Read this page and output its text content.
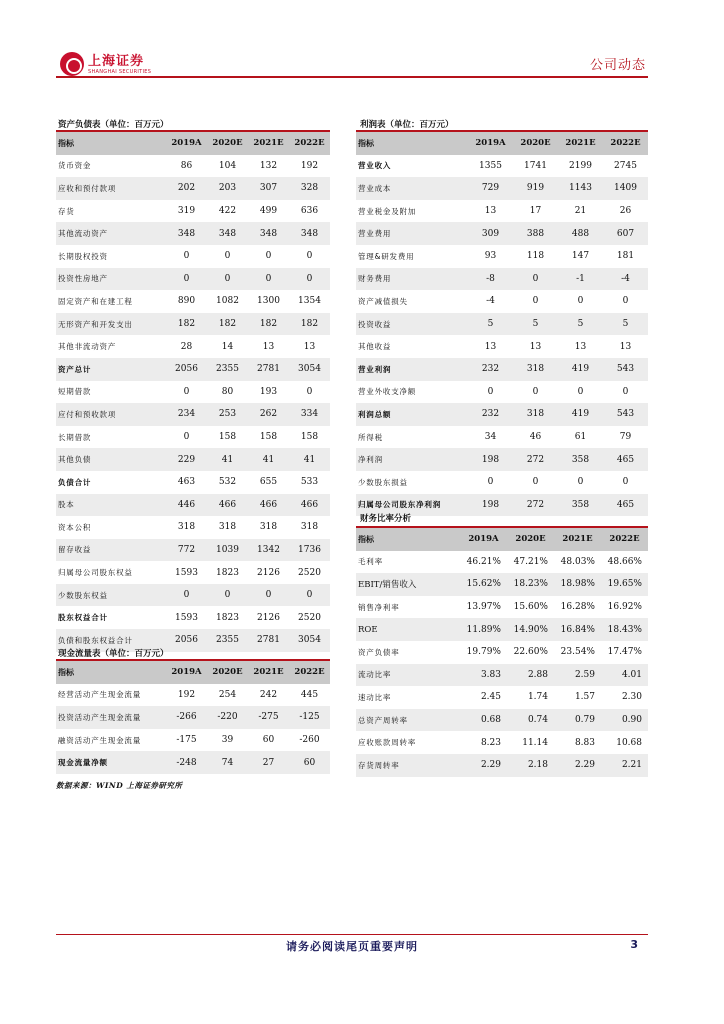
上海证券
SHANGHAI SECURITIES	公司动态
资产负债表（单位：百万元）
指标	2019A	2020E	2021E	2022E
货币资金	86	104	132	192
应收和预付款项	202	203	307	328
存货	319	422	499	636
其他流动资产	348	348	348	348
长期股权投资	0	0	0	0
投资性房地产	0	0	0	0
固定资产和在建工程	890	1082	1300	1354
无形资产和开发支出	182	182	182	182
其他非流动资产	28	14	13	13
资产总计	2056	2355	2781	3054
短期借款	0	80	193	0
应付和预收款项	234	253	262	334
长期借款	0	158	158	158
其他负债	229	41	41	41
负债合计	463	532	655	533
股本	446	466	466	466
资本公积	318	318	318	318
留存收益	772	1039	1342	1736
归属母公司股东权益	1593	1823	2126	2520
少数股东权益	0	0	0	0
股东权益合计	1593	1823	2126	2520
负债和股东权益合计	2056	2355	2781	3054
现金流量表（单位：百万元）
指标	2019A	2020E	2021E	2022E
经营活动产生现金流量	192	254	242	445
投资活动产生现金流量	-266	-220	-275	-125
融资活动产生现金流量	-175	39	60	-260
现金流量净额	-248	74	27	60
利润表（单位：百万元）
指标	2019A	2020E	2021E	2022E
营业收入	1355	1741	2199	2745
营业成本	729	919	1143	1409
营业税金及附加	13	17	21	26
营业费用	309	388	488	607
管理&研发费用	93	118	147	181
财务费用	-8	0	-1	-4
资产减值损失	-4	0	0	0
投资收益	5	5	5	5
其他收益	13	13	13	13
营业利润	232	318	419	543
营业外收支净额	0	0	0	0
利润总额	232	318	419	543
所得税	34	46	61	79
净利润	198	272	358	465
少数股东损益	0	0	0	0
归属母公司股东净利润	198	272	358	465
财务比率分析
指标	2019A	2020E	2021E	2022E
毛利率	46.21%	47.21%	48.03%	48.66%
EBIT/销售收入	15.62%	18.23%	18.98%	19.65%
销售净利率	13.97%	15.60%	16.28%	16.92%
ROE	11.89%	14.90%	16.84%	18.43%
资产负债率	19.79%	22.60%	23.54%	17.47%
流动比率	3.83	2.88	2.59	4.01
速动比率	2.45	1.74	1.57	2.30
总资产周转率	0.68	0.74	0.79	0.90
应收账款周转率	8.23	11.14	8.83	10.68
存货周转率	2.29	2.18	2.29	2.21
数据来源：WIND 上海证券研究所
请务必阅读尾页重要声明	3
